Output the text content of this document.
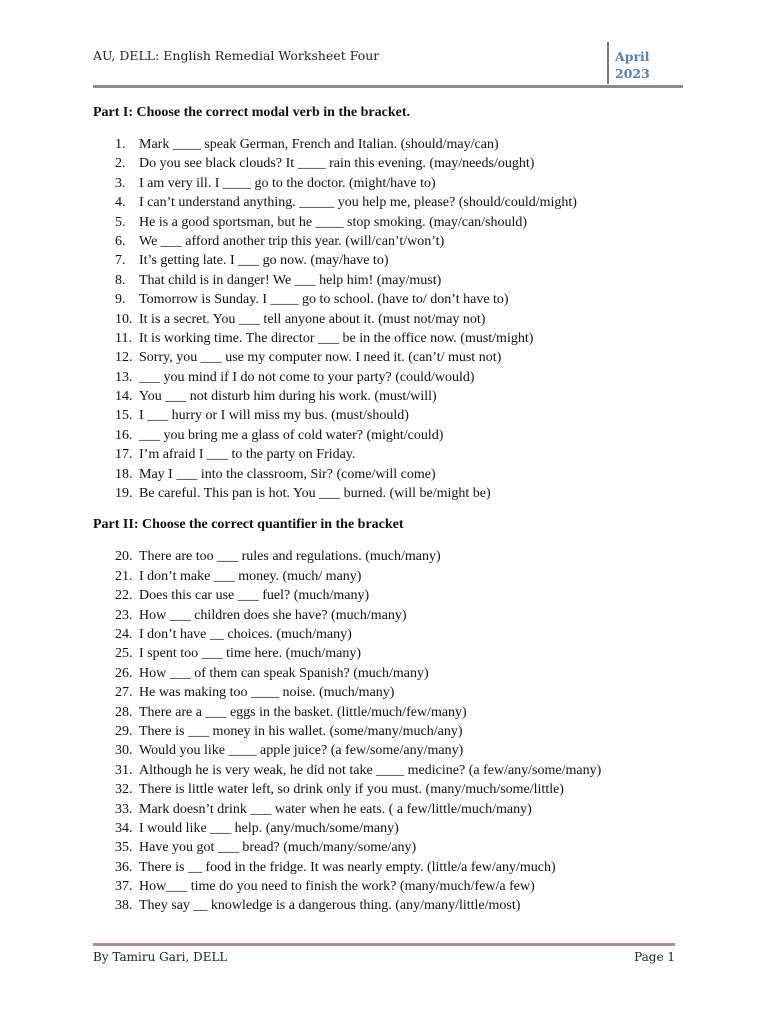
AU, DELL: English Remedial Worksheet Four	April
2023

Part I: Choose the correct modal verb in the bracket.

1. Mark ____ speak German, French and Italian. (should/may/can)
2. Do you see black clouds? It ____ rain this evening. (may/needs/ought)
3. I am very ill. I ____ go to the doctor. (might/have to)
4. I can’t understand anything. _____ you help me, please? (should/could/might)
5. He is a good sportsman, but he ____ stop smoking. (may/can/should)
6. We ___ afford another trip this year. (will/can’t/won’t)
7. It’s getting late. I ___ go now. (may/have to)
8. That child is in danger! We ___ help him! (may/must)
9. Tomorrow is Sunday. I ____ go to school. (have to/ don’t have to)
10. It is a secret. You ___ tell anyone about it. (must not/may not)
11. It is working time. The director ___ be in the office now. (must/might)
12. Sorry, you ___ use my computer now. I need it. (can’t/ must not)
13. ___ you mind if I do not come to your party? (could/would)
14. You ___ not disturb him during his work. (must/will)
15. I ___ hurry or I will miss my bus. (must/should)
16. ___ you bring me a glass of cold water? (might/could)
17. I’m afraid I ___ to the party on Friday.
18. May I ___ into the classroom, Sir? (come/will come)
19. Be careful. This pan is hot. You ___ burned. (will be/might be)

Part II: Choose the correct quantifier in the bracket

20. There are too ___ rules and regulations. (much/many)
21. I don’t make ___ money. (much/ many)
22. Does this car use ___ fuel? (much/many)
23. How ___ children does she have? (much/many)
24. I don’t have __ choices. (much/many)
25. I spent too ___ time here. (much/many)
26. How ___ of them can speak Spanish? (much/many)
27. He was making too ____ noise. (much/many)
28. There are a ___ eggs in the basket. (little/much/few/many)
29. There is ___ money in his wallet. (some/many/much/any)
30. Would you like ____ apple juice? (a few/some/any/many)
31. Although he is very weak, he did not take ____ medicine? (a few/any/some/many)
32. There is little water left, so drink only if you must. (many/much/some/little)
33. Mark doesn’t drink ___ water when he eats. ( a few/little/much/many)
34. I would like ___ help. (any/much/some/many)
35. Have you got ___ bread? (much/many/some/any)
36. There is __ food in the fridge. It was nearly empty. (little/a few/any/much)
37. How___ time do you need to finish the work? (many/much/few/a few)
38. They say __ knowledge is a dangerous thing. (any/many/little/most)
By Tamiru Gari, DELL	Page 1
